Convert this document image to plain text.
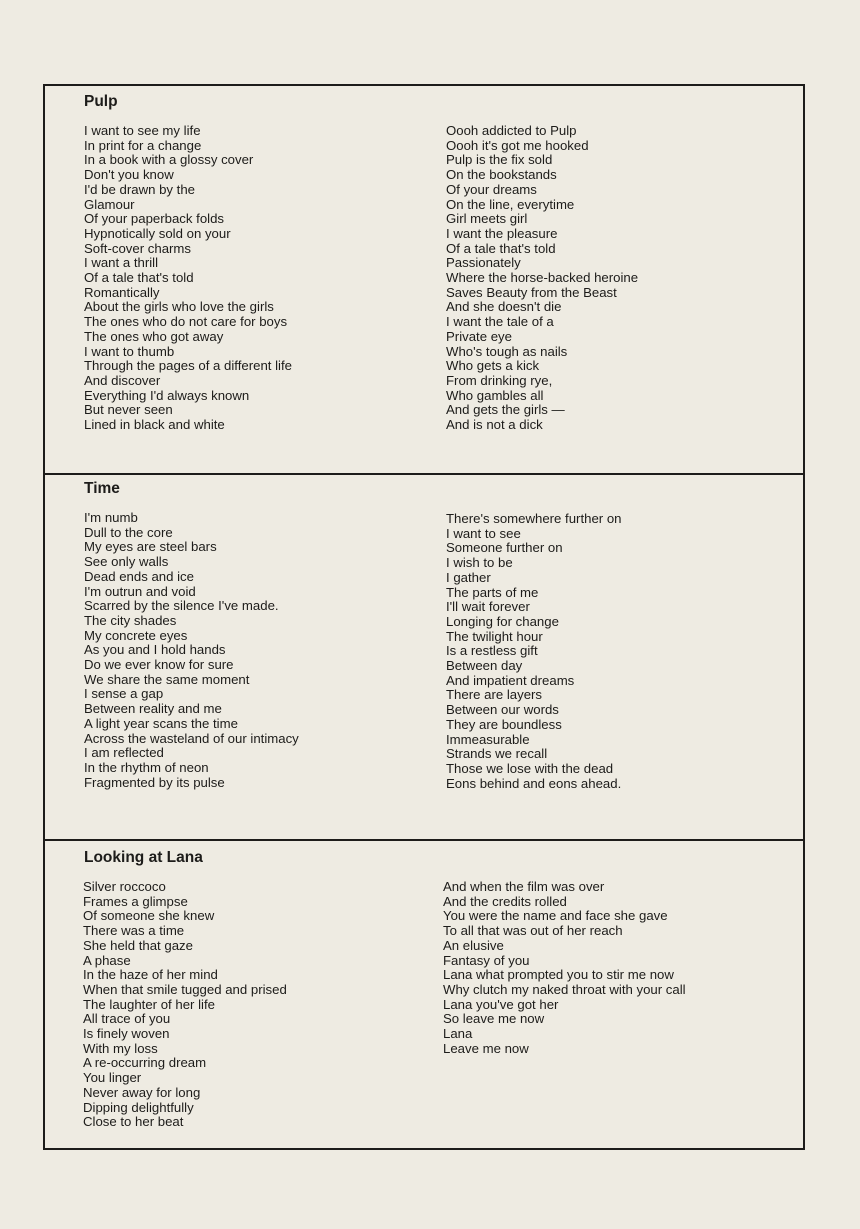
Pulp

I want to see my life
In print for a change
In a book with a glossy cover
Don't you know
I'd be drawn by the
Glamour
Of your paperback folds
Hypnotically sold on your
Soft-cover charms

I want a thrill
Of a tale that's told
Romantically
About the girls who love the girls
The ones who do not care for boys
The ones who got away

I want to thumb
Through the pages of a different life
And discover
Everything I'd always known
But never seen
Lined in black and white

Oooh addicted to Pulp
Oooh it's got me hooked
Pulp is the fix sold
On the bookstands
Of your dreams
On the line, everytime
Girl meets girl

I want the pleasure
Of a tale that's told
Passionately
Where the horse-backed heroine
Saves Beauty from the Beast
And she doesn't die

I want the tale of a
Private eye
Who's tough as nails
Who gets a kick
From drinking rye,
Who gambles all
And gets the girls —
And is not a dick

Time

I'm numb
Dull to the core
My eyes are steel bars
See only walls
Dead ends and ice
I'm outrun and void
Scarred by the silence I've made.

The city shades
My concrete eyes
As you and I hold hands
Do we ever know for sure
We share the same moment

I sense a gap
Between reality and me
A light year scans the time
Across the wasteland of our intimacy

I am reflected
In the rhythm of neon
Fragmented by its pulse

There's somewhere further on
I want to see
Someone further on
I wish to be

I gather
The parts of me
I'll wait forever
Longing for change
The twilight hour
Is a restless gift
Between day
And impatient dreams

There are layers
Between our words
They are boundless
Immeasurable
Strands we recall
Those we lose with the dead
Eons behind and eons ahead.

Looking at Lana

Silver roccoco
Frames a glimpse
Of someone she knew
There was a time
She held that gaze
A phase
In the haze of her mind
When that smile tugged and prised
The laughter of her life

All trace of you
Is finely woven
With my loss
A re-occurring dream
You linger
Never away for long
Dipping delightfully
Close to her beat

And when the film was over
And the credits rolled
You were the name and face she gave
To all that was out of her reach
An elusive
Fantasy of you

Lana what prompted you to stir me now
Why clutch my naked throat with your call
Lana you've got her
So leave me now
Lana
Leave me now
